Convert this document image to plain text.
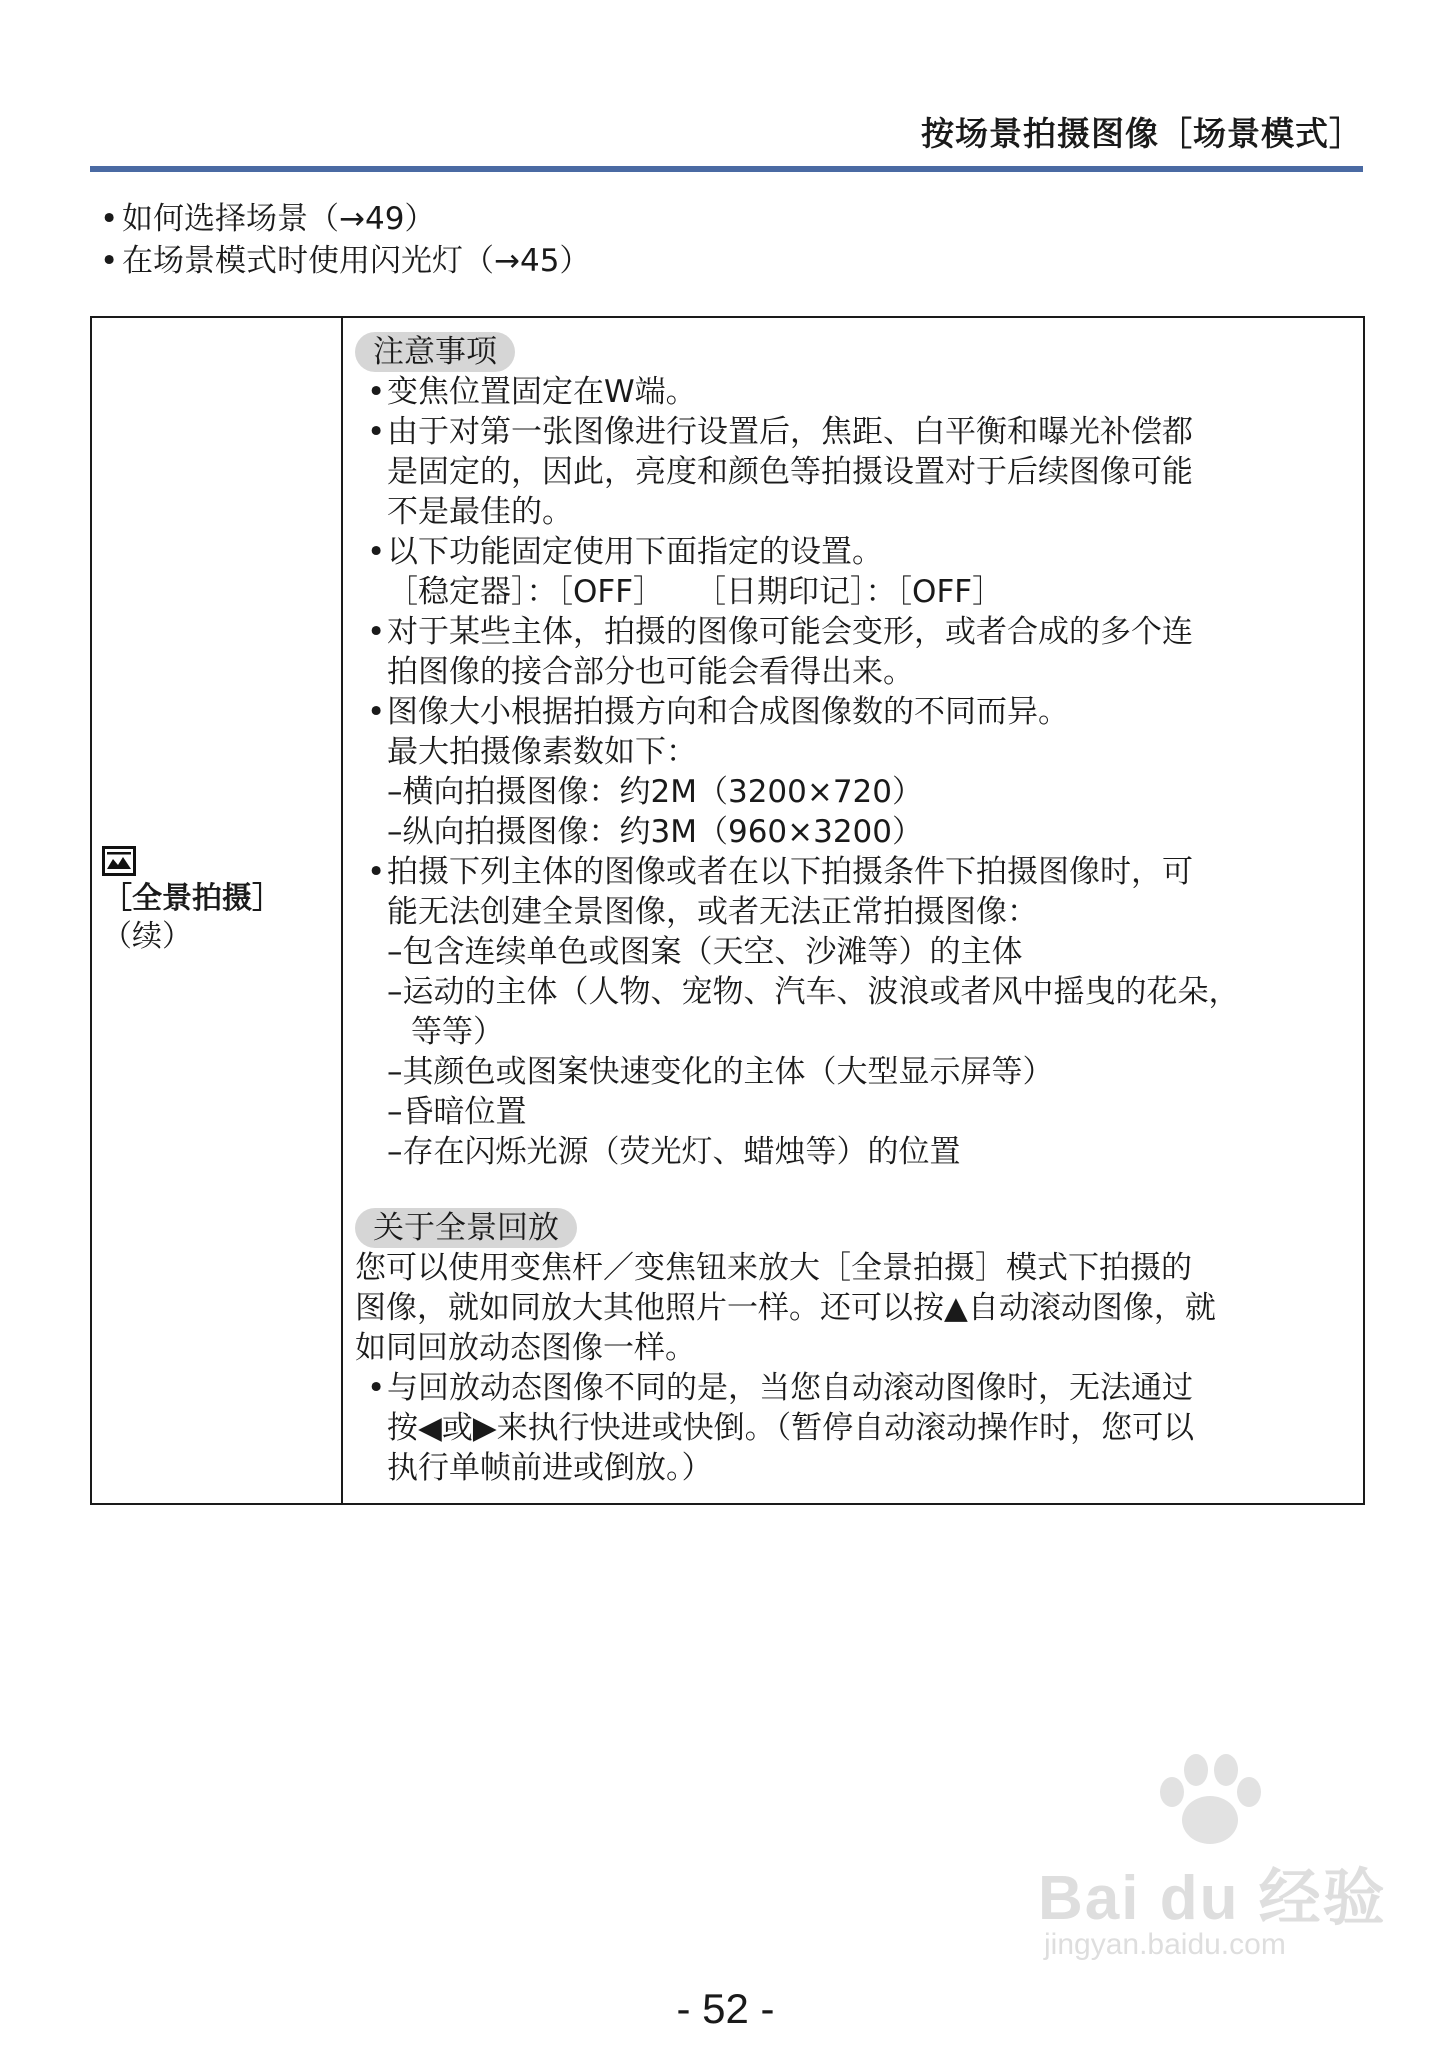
按场景拍摄图像［场景模式］
• 如何选择场景（→49）
• 在场景模式时使用闪光灯（→45）
［全景拍摄］
（续）
注意事项
• 变焦位置固定在W端。
• 由于对第一张图像进行设置后，焦距、白平衡和曝光补偿都
是固定的，因此，亮度和颜色等拍摄设置对于后续图像可能
不是最佳的。
• 以下功能固定使用下面指定的设置。
［稳定器］：［OFF］　　［日期印记］：［OFF］
• 对于某些主体，拍摄的图像可能会变形，或者合成的多个连
拍图像的接合部分也可能会看得出来。
• 图像大小根据拍摄方向和合成图像数的不同而异。
最大拍摄像素数如下：
–横向拍摄图像：约2M（3200×720）
–纵向拍摄图像：约3M（960×3200）
• 拍摄下列主体的图像或者在以下拍摄条件下拍摄图像时，可
能无法创建全景图像，或者无法正常拍摄图像：
–包含连续单色或图案（天空、沙滩等）的主体
–运动的主体（人物、宠物、汽车、波浪或者风中摇曳的花朵，
等等）
–其颜色或图案快速变化的主体（大型显示屏等）
–昏暗位置
–存在闪烁光源（荧光灯、蜡烛等）的位置
关于全景回放
您可以使用变焦杆／变焦钮来放大［全景拍摄］模式下拍摄的
图像，就如同放大其他照片一样。还可以按▲自动滚动图像，就
如同回放动态图像一样。
• 与回放动态图像不同的是，当您自动滚动图像时，无法通过
按◀或▶来执行快进或快倒。（暂停自动滚动操作时，您可以
执行单帧前进或倒放。）
Bai du 经验
jingyan.baidu.com
- 52 -
